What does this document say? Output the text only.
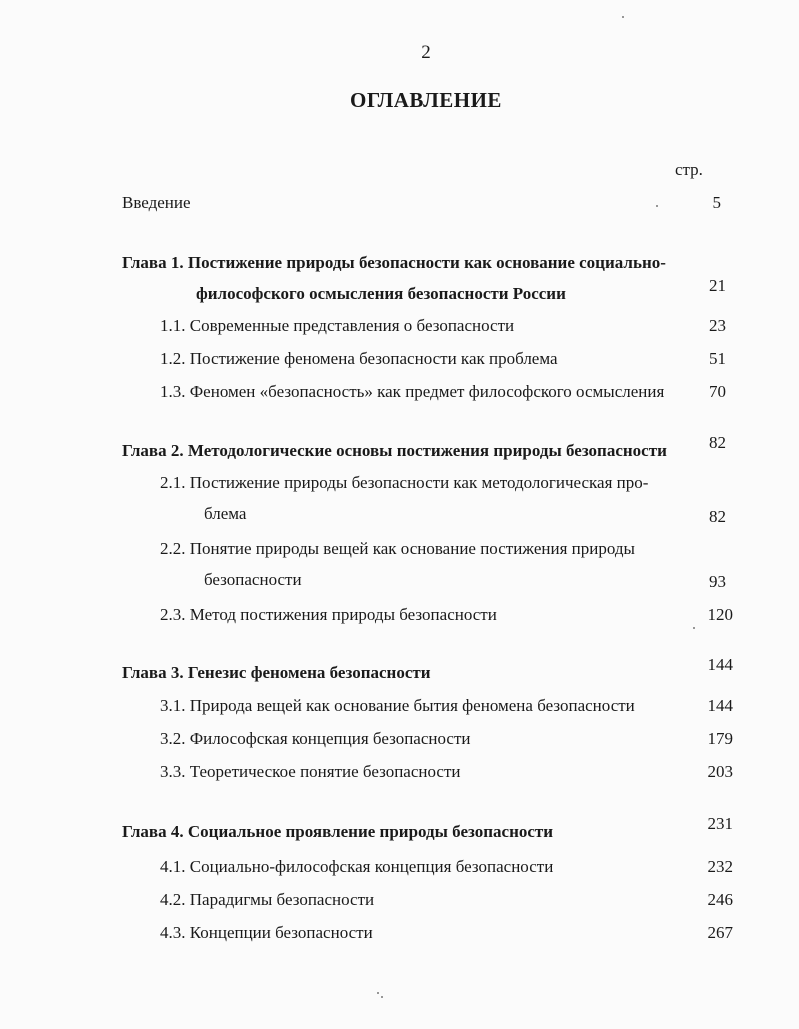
2
ОГЛАВЛЕНИЕ
стр.
Введение	5
Глава 1. Постижение природы безопасности как основание социально-
философского осмысления безопасности России	21
1.1. Современные представления о безопасности	23
1.2. Постижение феномена безопасности как проблема	51
1.3. Феномен «безопасность» как предмет философского осмысления	70
Глава 2. Методологические основы постижения природы безопасности	82
2.1. Постижение природы безопасности как методологическая про-
блема	82
2.2. Понятие природы вещей как основание постижения природы
безопасности	93
2.3. Метод постижения природы безопасности	120
Глава 3. Генезис феномена безопасности	144
3.1. Природа вещей как основание бытия феномена безопасности	144
3.2. Философская концепция безопасности	179
3.3. Теоретическое понятие безопасности	203
Глава 4. Социальное проявление природы безопасности	231
4.1. Социально-философская концепция безопасности	232
4.2. Парадигмы безопасности	246
4.3. Концепции безопасности	267
